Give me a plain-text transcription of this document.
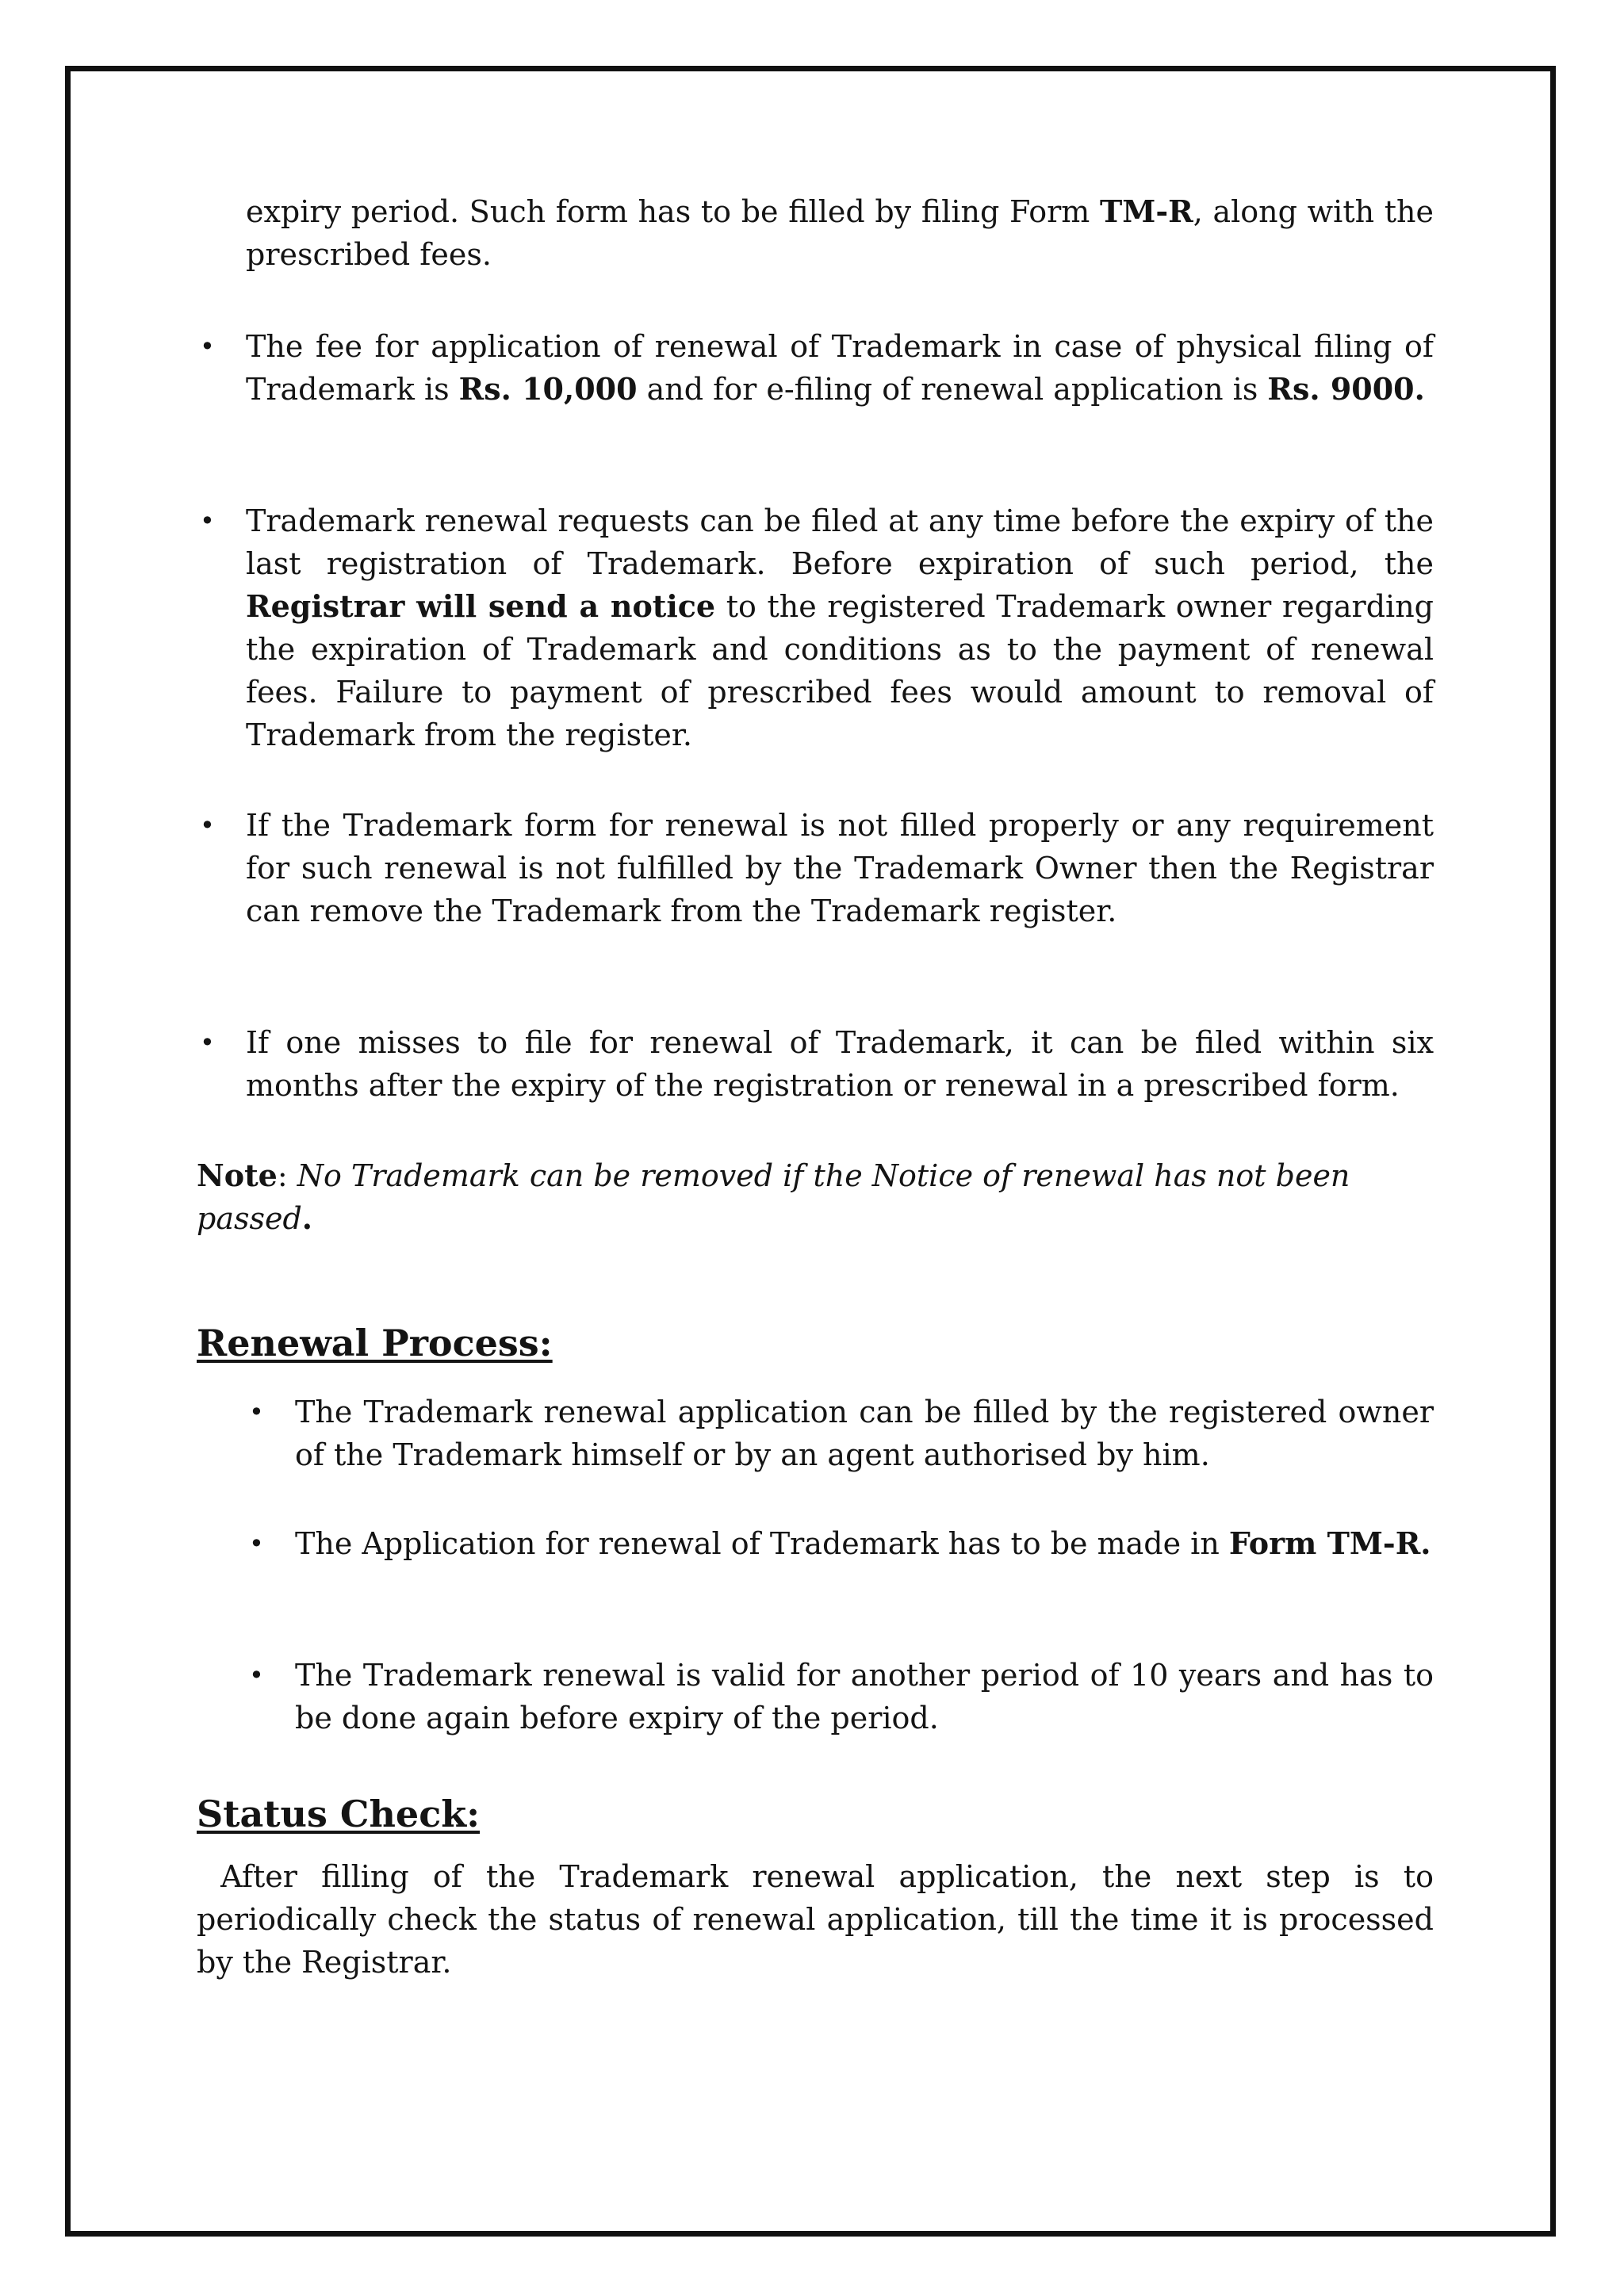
expiry period. Such form has to be filled by filing Form TM-R, along with the prescribed fees.

• The fee for application of renewal of Trademark in case of physical filing of Trademark is Rs. 10,000 and for e-filing of renewal application is Rs. 9000.
• Trademark renewal requests can be filed at any time before the expiry of the last registration of Trademark. Before expiration of such period, the Registrar will send a notice to the registered Trademark owner regarding the expiration of Trademark and conditions as to the payment of renewal fees. Failure to payment of prescribed fees would amount to removal of Trademark from the register.
• If the Trademark form for renewal is not filled properly or any requirement for such renewal is not fulfilled by the Trademark Owner then the Registrar can remove the Trademark from the Trademark register.
• If one misses to file for renewal of Trademark, it can be filed within six months after the expiry of the registration or renewal in a prescribed form.

Note: No Trademark can be removed if the Notice of renewal has not been passed.

Renewal Process:
• The Trademark renewal application can be filled by the registered owner of the Trademark himself or by an agent authorised by him.
• The Application for renewal of Trademark has to be made in Form TM-R.
• The Trademark renewal is valid for another period of 10 years and has to be done again before expiry of the period.
Status Check:

After filling of the Trademark renewal application, the next step is to periodically check the status of renewal application, till the time it is processed by the Registrar.
